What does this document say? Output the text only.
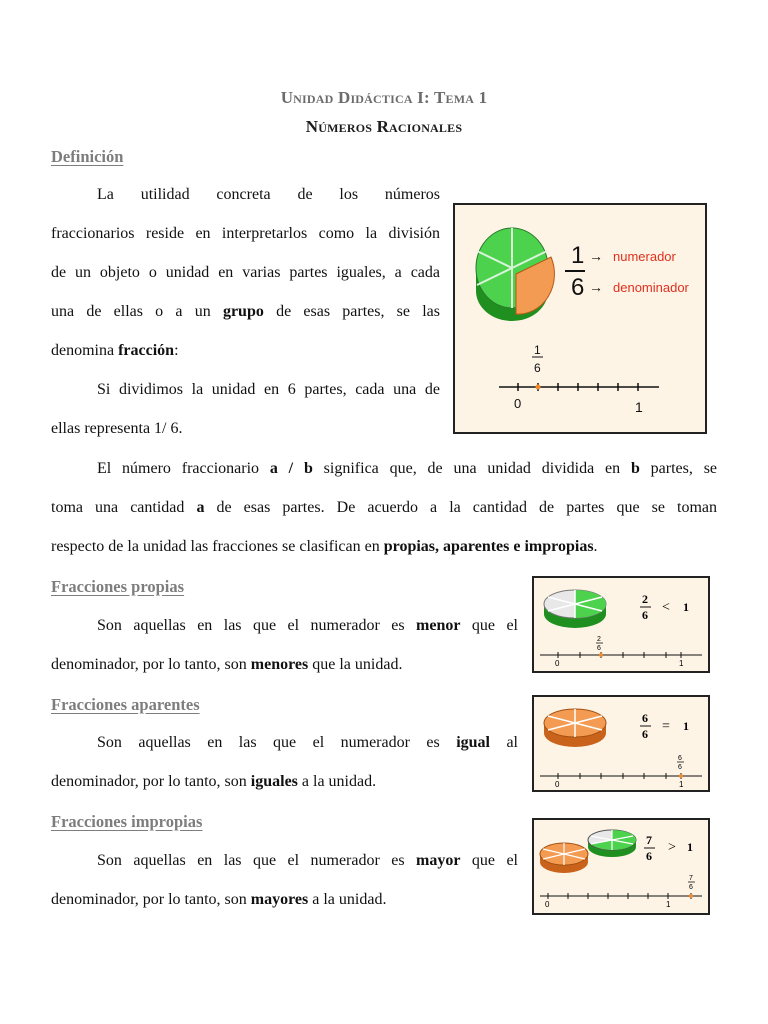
Unidad Didáctica I: Tema 1
Números Racionales
Definición
La utilidad concreta de los números
fraccionarios reside en interpretarlos como la división
de un objeto o unidad en varias partes iguales, a cada
una de ellas o a un grupo de esas partes, se las
denomina fracción:
Si dividimos la unidad en 6 partes, cada una de
ellas representa 1/ 6.
1
6
→
→
numerador
denominador
1
6
0	1
El número fraccionario a / b significa que, de una unidad dividida en b partes, se
toma una cantidad a de esas partes. De acuerdo a la cantidad de partes que se toman
respecto de la unidad las fracciones se clasifican en propias, aparentes e impropias.
Fracciones propias
Son aquellas en las que el numerador es menor que el
denominador, por lo tanto, son menores que la unidad.
2
6 < 1
2
6
0	1
Fracciones aparentes
Son aquellas en las que el numerador es igual al
denominador, por lo tanto, son iguales a la unidad.
6
6 = 1
6
6
0	1
Fracciones impropias
Son aquellas en las que el numerador es mayor que el
denominador, por lo tanto, son mayores a la unidad.
7
6
> 1
7
6
0	1
